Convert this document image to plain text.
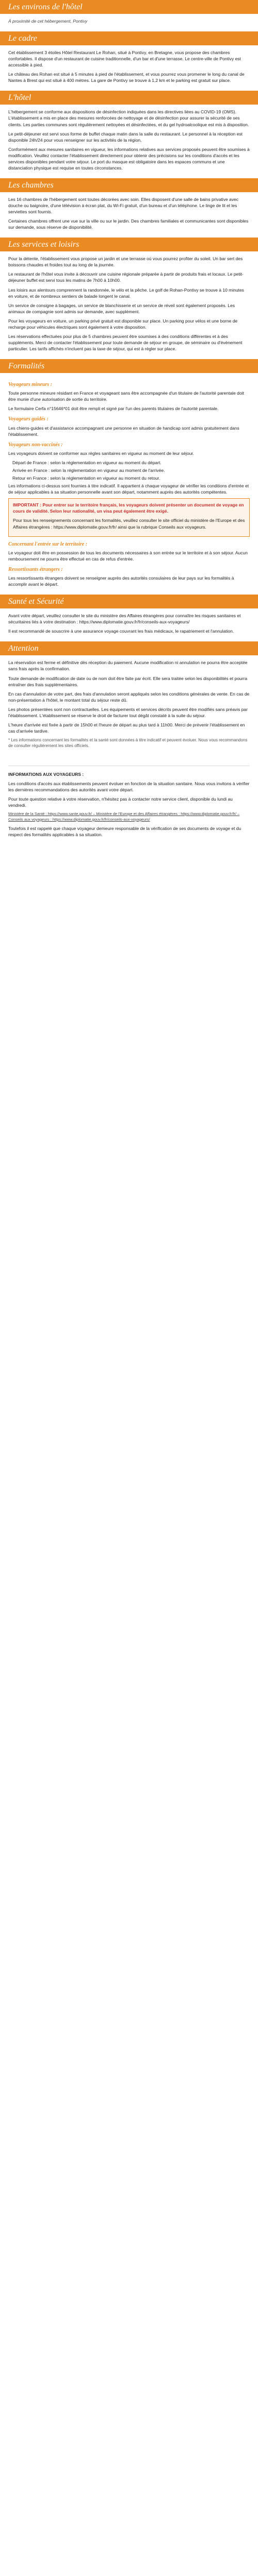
Les environs de l'hôtel

À proximité de cet hébergement, Pontivy

Le cadre

Cet établissement 3 étoiles Hôtel Restaurant Le Rohan, situé à Pontivy, en Bretagne, vous propose des chambres confortables. Il dispose d'un restaurant de cuisine traditionnelle, d'un bar et d'une terrasse. Le centre-ville de Pontivy est accessible à pied.

Le château des Rohan est situé à 5 minutes à pied de l'établissement, et vous pourrez vous promener le long du canal de Nantes à Brest qui est situé à 400 mètres. La gare de Pontivy se trouve à 1,2 km et le parking est gratuit sur place.

L'hôtel

L'hébergement se conforme aux dispositions de désinfection indiquées dans les directives liées au COVID-19 (OMS). L'établissement a mis en place des mesures renforcées de nettoyage et de désinfection pour assurer la sécurité de ses clients. Les parties communes sont régulièrement nettoyées et désinfectées, et du gel hydroalcoolique est mis à disposition.

Le petit-déjeuner est servi sous forme de buffet chaque matin dans la salle du restaurant. Le personnel à la réception est disponible 24h/24 pour vous renseigner sur les activités de la région.

Conformément aux mesures sanitaires en vigueur, les informations relatives aux services proposés peuvent être soumises à modification. Veuillez contacter l'établissement directement pour obtenir des précisions sur les conditions d'accès et les services disponibles pendant votre séjour. Le port du masque est obligatoire dans les espaces communs et une distanciation physique est requise en toutes circonstances.

Les chambres

Les 16 chambres de l'hébergement sont toutes décorées avec soin. Elles disposent d'une salle de bains privative avec douche ou baignoire, d'une télévision à écran plat, du Wi-Fi gratuit, d'un bureau et d'un téléphone. Le linge de lit et les serviettes sont fournis.

Certaines chambres offrent une vue sur la ville ou sur le jardin. Des chambres familiales et communicantes sont disponibles sur demande, sous réserve de disponibilité.

Les services et loisirs

Pour la détente, l'établissement vous propose un jardin et une terrasse où vous pourrez profiter du soleil. Un bar sert des boissons chaudes et froides tout au long de la journée.

Le restaurant de l'hôtel vous invite à découvrir une cuisine régionale préparée à partir de produits frais et locaux. Le petit-déjeuner buffet est servi tous les matins de 7h00 à 10h00.

Les loisirs aux alentours comprennent la randonnée, le vélo et la pêche. Le golf de Rohan-Pontivy se trouve à 10 minutes en voiture, et de nombreux sentiers de balade longent le canal.

Un service de consigne à bagages, un service de blanchisserie et un service de réveil sont également proposés. Les animaux de compagnie sont admis sur demande, avec supplément.

Pour les voyageurs en voiture, un parking privé gratuit est disponible sur place. Un parking pour vélos et une borne de recharge pour véhicules électriques sont également à votre disposition.

Les réservations effectuées pour plus de 5 chambres peuvent être soumises à des conditions différentes et à des suppléments. Merci de contacter l'établissement pour toute demande de séjour en groupe, de séminaire ou d'événement particulier. Les tarifs affichés n'incluent pas la taxe de séjour, qui est à régler sur place.

Formalités
Voyageurs mineurs :

Toute personne mineure résidant en France et voyageant sans être accompagnée d'un titulaire de l'autorité parentale doit être munie d'une autorisation de sortie du territoire.

Le formulaire Cerfa n°15646*01 doit être rempli et signé par l'un des parents titulaires de l'autorité parentale.

Voyageurs guidés :

Les chiens-guides et d'assistance accompagnant une personne en situation de handicap sont admis gratuitement dans l'établissement.

Voyageurs non-vaccinés :

Les voyageurs doivent se conformer aux règles sanitaires en vigueur au moment de leur séjour.

Départ de France : selon la réglementation en vigueur au moment du départ.
Arrivée en France : selon la réglementation en vigueur au moment de l'arrivée.
Retour en France : selon la réglementation en vigueur au moment du retour.

Les informations ci-dessus sont fournies à titre indicatif. Il appartient à chaque voyageur de vérifier les conditions d'entrée et de séjour applicables à sa situation personnelle avant son départ, notamment auprès des autorités compétentes.

IMPORTANT : Pour entrer sur le territoire français, les voyageurs doivent présenter un document de voyage en cours de validité. Selon leur nationalité, un visa peut également être exigé.

Pour tous les renseignements concernant les formalités, veuillez consulter le site officiel du ministère de l'Europe et des Affaires étrangères : https://www.diplomatie.gouv.fr/fr/ ainsi que la rubrique Conseils aux voyageurs.

Concernant l'entrée sur le territoire :

Le voyageur doit être en possession de tous les documents nécessaires à son entrée sur le territoire et à son séjour. Aucun remboursement ne pourra être effectué en cas de refus d'entrée.

Ressortissants étrangers :

Les ressortissants étrangers doivent se renseigner auprès des autorités consulaires de leur pays sur les formalités à accomplir avant le départ.

Santé et Sécurité

Avant votre départ, veuillez consulter le site du ministère des Affaires étrangères pour connaître les risques sanitaires et sécuritaires liés à votre destination : https://www.diplomatie.gouv.fr/fr/conseils-aux-voyageurs/

Il est recommandé de souscrire à une assurance voyage couvrant les frais médicaux, le rapatriement et l'annulation.

Attention

La réservation est ferme et définitive dès réception du paiement. Aucune modification ni annulation ne pourra être acceptée sans frais après la confirmation.

Toute demande de modification de date ou de nom doit être faite par écrit. Elle sera traitée selon les disponibilités et pourra entraîner des frais supplémentaires.

En cas d'annulation de votre part, des frais d'annulation seront appliqués selon les conditions générales de vente. En cas de non-présentation à l'hôtel, le montant total du séjour reste dû.

Les photos présentées sont non contractuelles. Les équipements et services décrits peuvent être modifiés sans préavis par l'établissement. L'établissement se réserve le droit de facturer tout dégât constaté à la suite du séjour.

L'heure d'arrivée est fixée à partir de 15h00 et l'heure de départ au plus tard à 11h00. Merci de prévenir l'établissement en cas d'arrivée tardive.

* Les informations concernant les formalités et la santé sont données à titre indicatif et peuvent évoluer. Nous vous recommandons de consulter régulièrement les sites officiels.

INFORMATIONS AUX VOYAGEURS :

Les conditions d'accès aux établissements peuvent évoluer en fonction de la situation sanitaire. Nous vous invitons à vérifier les dernières recommandations des autorités avant votre départ.

Pour toute question relative à votre réservation, n'hésitez pas à contacter notre service client, disponible du lundi au vendredi.

Ministère de la Santé : https://www.sante.gouv.fr/ – Ministère de l'Europe et des Affaires étrangères : https://www.diplomatie.gouv.fr/fr/ – Conseils aux voyageurs : https://www.diplomatie.gouv.fr/fr/conseils-aux-voyageurs/

Toutefois il est rappelé que chaque voyageur demeure responsable de la vérification de ses documents de voyage et du respect des formalités applicables à sa situation.
